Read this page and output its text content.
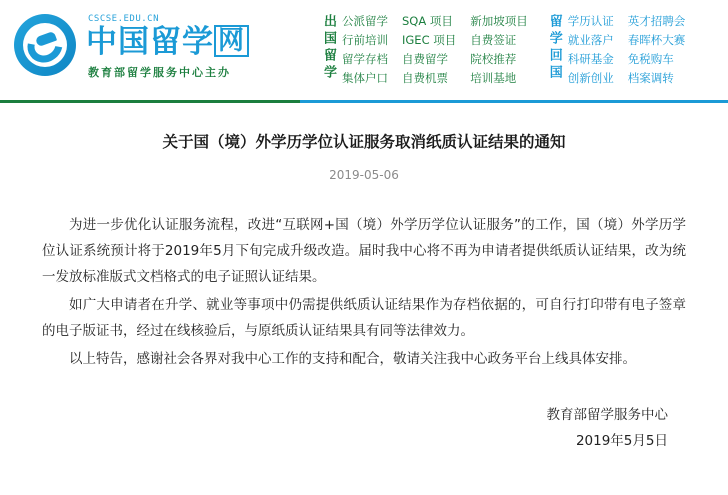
CSCSE.EDU.CN
中国留学 网
教育部留学服务中心主办	出国留学 公派留学
行前培训
留学存档
集体户口
SQA 项目
IGEC 项目
自费留学
自费机票
新加坡项目
自费签证
院校推荐
培训基地	留学回国 学历认证
就业落户
科研基金
创新创业
英才招聘会
春晖杯大赛
免税购车
档案调转
关于国（境）外学历学位认证服务取消纸质认证结果的通知
2019-05-06

为进一步优化认证服务流程，改进“互联网+国（境）外学历学位认证服务”的工作，国（境）外学历学位认证系统预计将于2019年5月下旬完成升级改造。届时我中心将不再为申请者提供纸质认证结果，改为统一发放标准版式文档格式的电子证照认证结果。

如广大申请者在升学、就业等事项中仍需提供纸质认证结果作为存档依据的，可自行打印带有电子签章的电子版证书，经过在线核验后，与原纸质认证结果具有同等法律效力。

以上特告，感谢社会各界对我中心工作的支持和配合，敬请关注我中心政务平台上线具体安排。

教育部留学服务中心
2019年5月5日
